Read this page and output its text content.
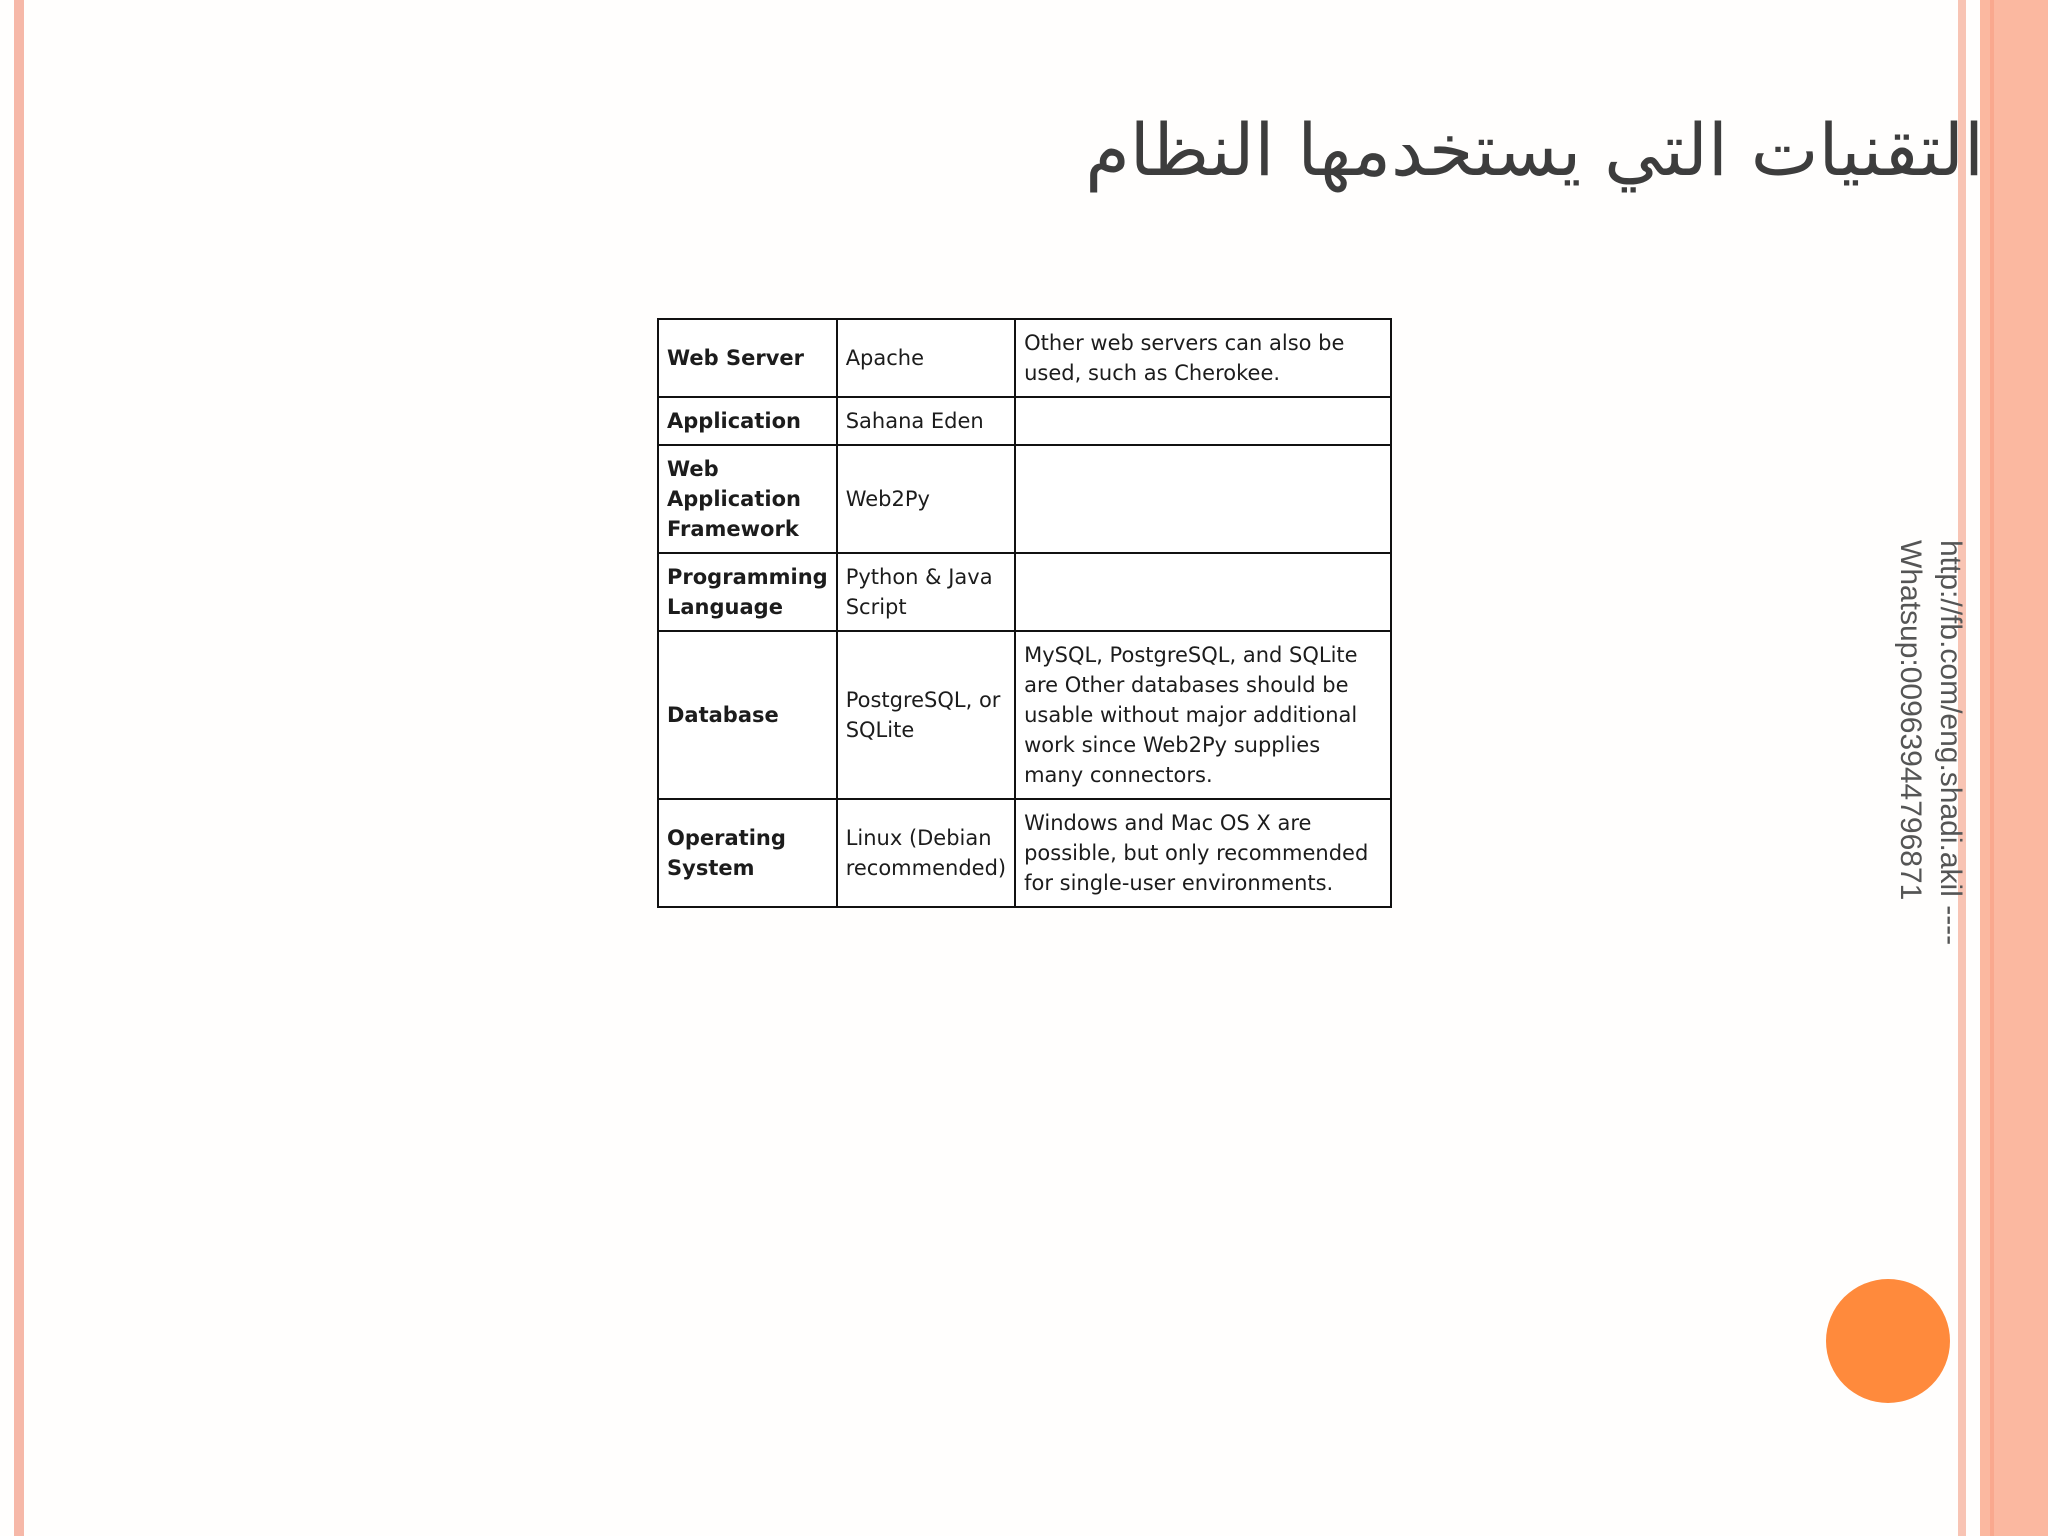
التقنيات التي يستخدمها النظام
Web Server	Apache	Other web servers can also be used, such as Cherokee.
Application	Sahana Eden	
Web Application Framework	Web2Py	
Programming Language	Python & Java Script	
Database	PostgreSQL, or SQLite	MySQL, PostgreSQL, and SQLite are Other databases should be usable without major additional work since Web2Py supplies many connectors.
Operating System	Linux (Debian recommended)	Windows and Mac OS X are possible, but only recommended for single-user environments.	http://fb.com/eng.shadi.akil ----
Whatsup:00963944796871
